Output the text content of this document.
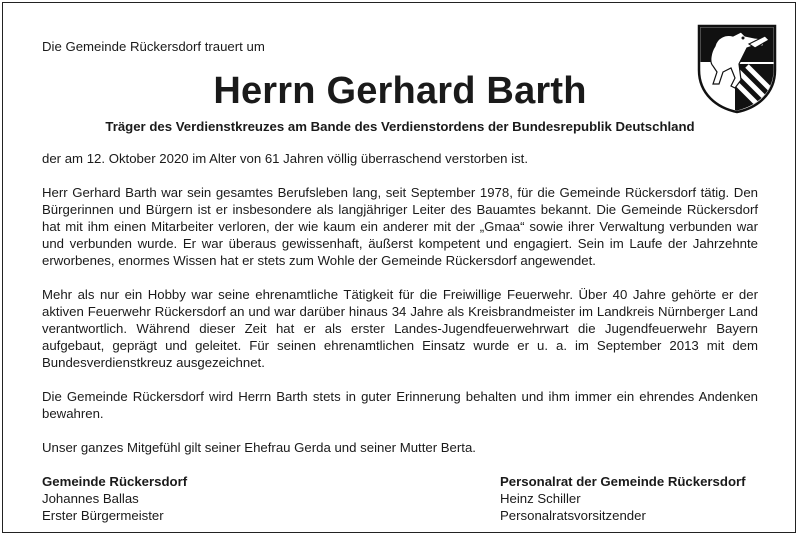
Die Gemeinde Rückersdorf trauert um

Herrn Gerhard Barth

Träger des Verdienstkreuzes am Bande des Verdienstordens der Bundesrepublik Deutschland

der am 12. Oktober 2020 im Alter von 61 Jahren völlig überraschend verstorben ist.

Herr Gerhard Barth war sein gesamtes Berufsleben lang, seit September 1978, für die Gemeinde Rückersdorf tätig. Den Bürgerinnen und Bürgern ist er insbesondere als langjähriger Leiter des Bauamtes bekannt. Die Gemeinde Rückersdorf hat mit ihm einen Mitarbeiter verloren, der wie kaum ein anderer mit der „Gmaa“ sowie ihrer Verwaltung verbunden war und verbunden wurde. Er war überaus gewissenhaft, äußerst kompetent und engagiert. Sein im Laufe der Jahrzehnte erworbenes, enormes Wissen hat er stets zum Wohle der Gemeinde Rückersdorf angewendet.

Mehr als nur ein Hobby war seine ehrenamtliche Tätigkeit für die Freiwillige Feuerwehr. Über 40 Jahre gehörte er der aktiven Feuerwehr Rückersdorf an und war darüber hinaus 34 Jahre als Kreisbrandmeister im Landkreis Nürnberger Land verantwortlich. Während dieser Zeit hat er als erster Landes-Jugendfeuerwehrwart die Jugendfeuerwehr Bayern aufgebaut, geprägt und geleitet. Für seinen ehrenamtlichen Einsatz wurde er u. a. im September 2013 mit dem Bundesverdienstkreuz ausgezeichnet.

Die Gemeinde Rückersdorf wird Herrn Barth stets in guter Erinnerung behalten und ihm immer ein ehrendes Andenken bewahren.

Unser ganzes Mitgefühl gilt seiner Ehefrau Gerda und seiner Mutter Berta.

Gemeinde Rückersdorf
Johannes Ballas
Erster Bürgermeister
Personalrat der Gemeinde Rückersdorf
Heinz Schiller
Personalratsvorsitzender
